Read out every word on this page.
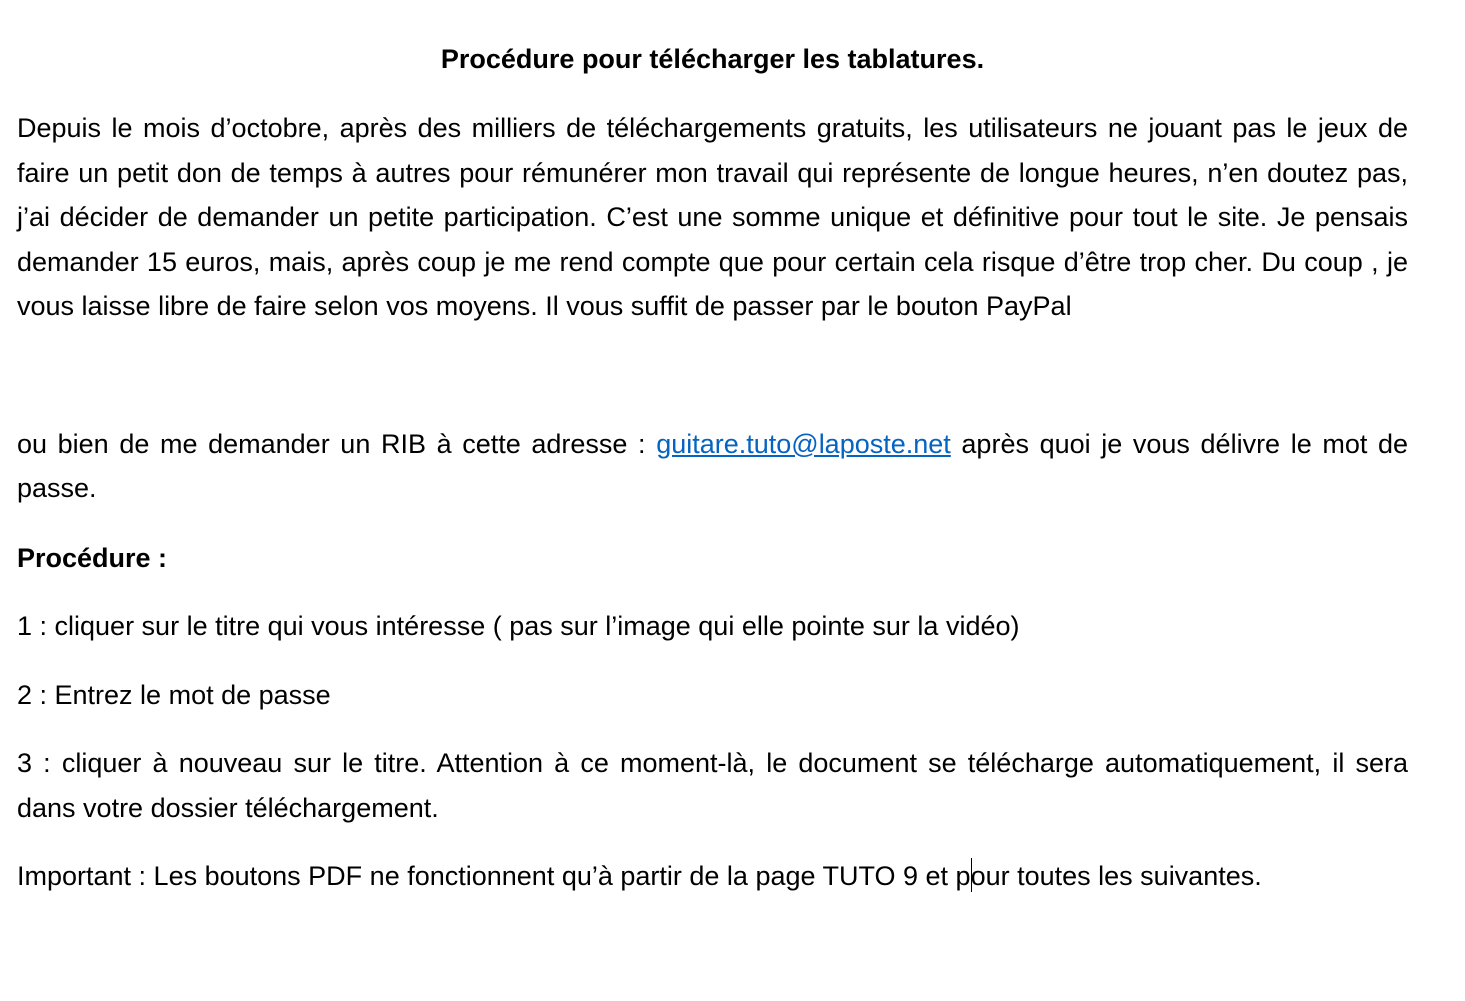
Procédure pour télécharger les tablatures.

Depuis le mois d’octobre, après des milliers de téléchargements gratuits, les utilisateurs ne jouant pas le jeux de faire un petit don de temps à autres pour rémunérer mon travail qui représente de longue heures, n’en doutez pas, j’ai décider de demander un petite participation. C’est une somme unique et définitive pour tout le site. Je pensais demander 15 euros, mais, après coup je me rend compte que pour certain cela risque d’être trop cher. Du coup , je vous laisse libre de faire selon vos moyens. Il vous suffit de passer par le bouton PayPal

ou bien de me demander un RIB à cette adresse : guitare.tuto@laposte.net après quoi je vous délivre le mot de passe.

Procédure :

1 : cliquer sur le titre qui vous intéresse ( pas sur l’image qui elle pointe sur la vidéo)

2 : Entrez le mot de passe

3 : cliquer à nouveau sur le titre. Attention à ce moment-là, le document se télécharge automatiquement, il sera dans votre dossier téléchargement.

Important : Les boutons PDF ne fonctionnent qu’à partir de la page TUTO 9 et pour toutes les suivantes.
